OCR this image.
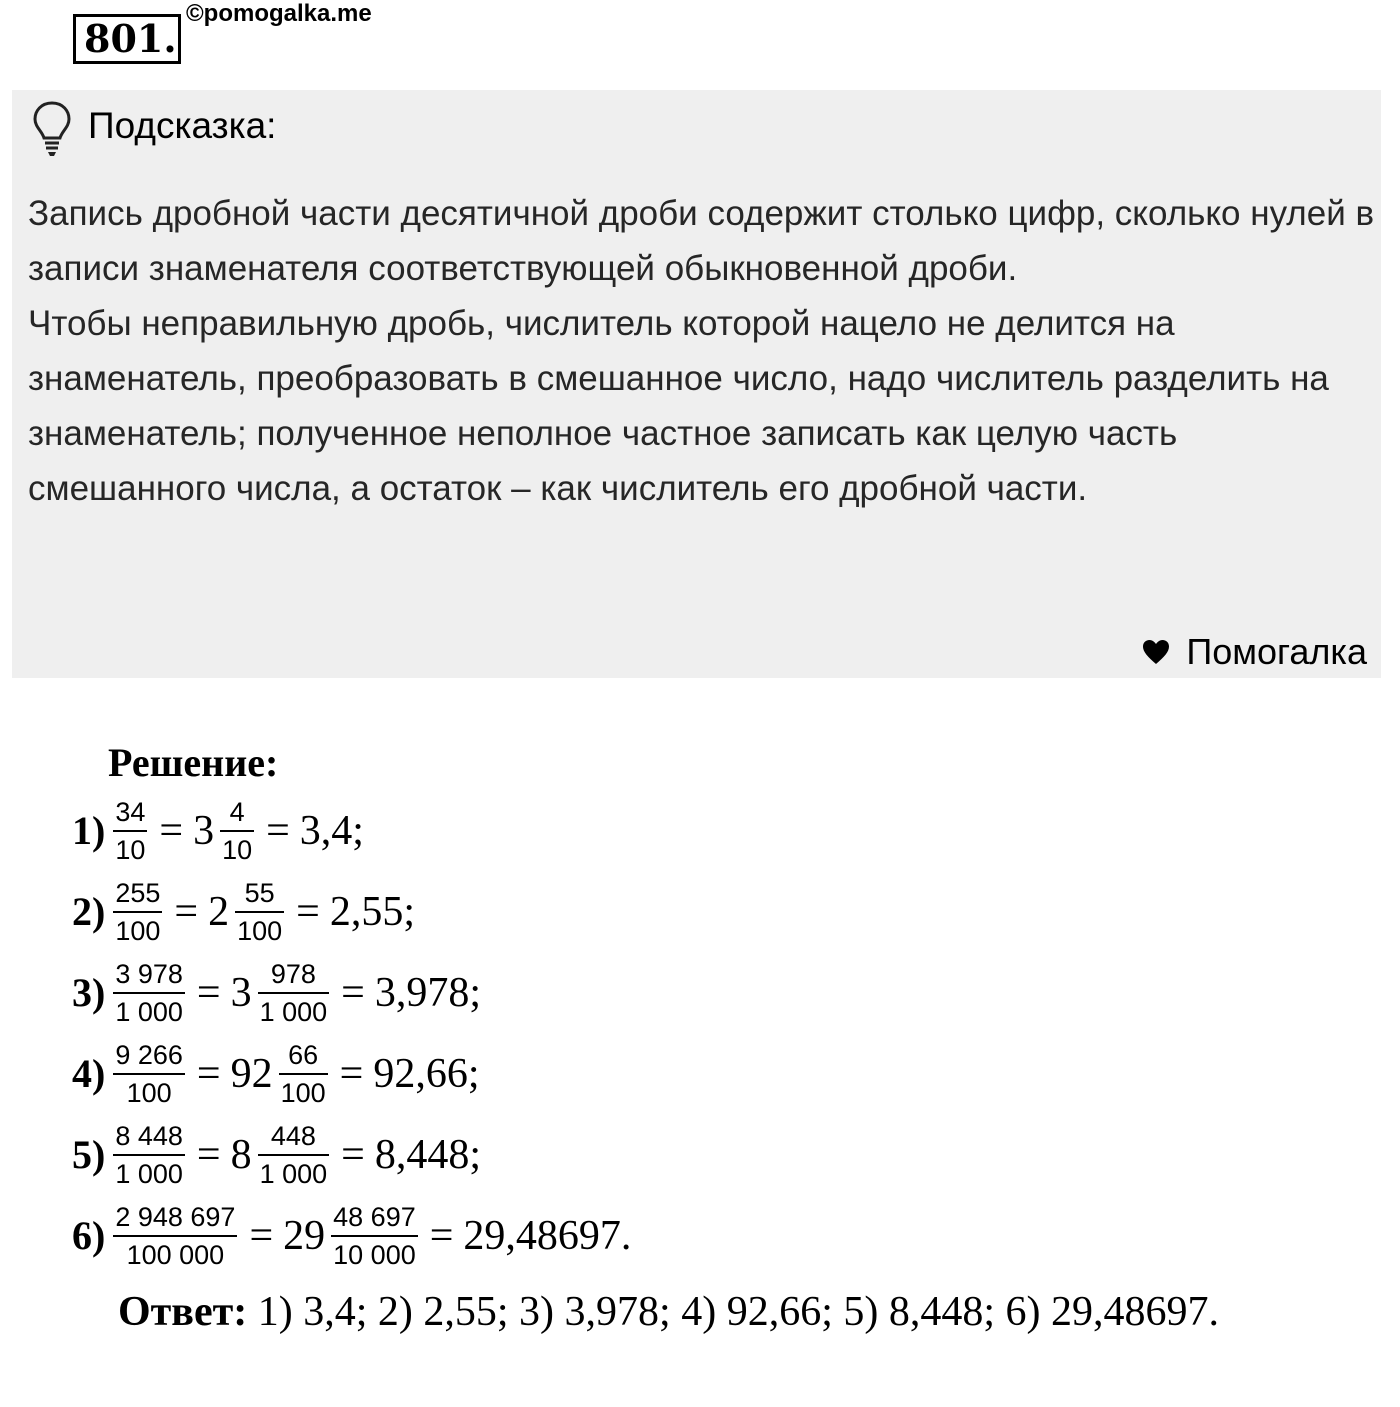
801.
©pomogalka.me
Подсказка:

Запись дробной части десятичной дроби содержит столько цифр, сколько нулей в записи знаменателя соответствующей обыкновенной дроби.

Чтобы неправильную дробь, числитель которой нацело не делится на знаменатель, преобразовать в смешанное число, надо числитель разделить на знаменатель; полученное неполное частное записать как целую часть смешанного числа, а остаток – как числитель его дробной части.

Помогалка
Решение:
$1) \frac{34}{10} = 3 \frac{4}{10} = 3,4$;
$2) \frac{255}{100} = 2 \frac{55}{100} = 2,55$;
$3) \frac{3 978}{1 000} = 3 \frac{978}{1 000} = 3,978$;
$4) \frac{9 266}{100} = 92 \frac{66}{100} = 92,66$;
$5) \frac{8 448}{1 000} = 8 \frac{448}{1 000} = 8,448$;
$6) \frac{2 948 697}{100 000} = 29 \frac{48 697}{10 000} = 29,48697$.
Ответ: 1) 3,4; 2) 2,55; 3) 3,978; 4) 92,66; 5) 8,448; 6) 29,48697.
